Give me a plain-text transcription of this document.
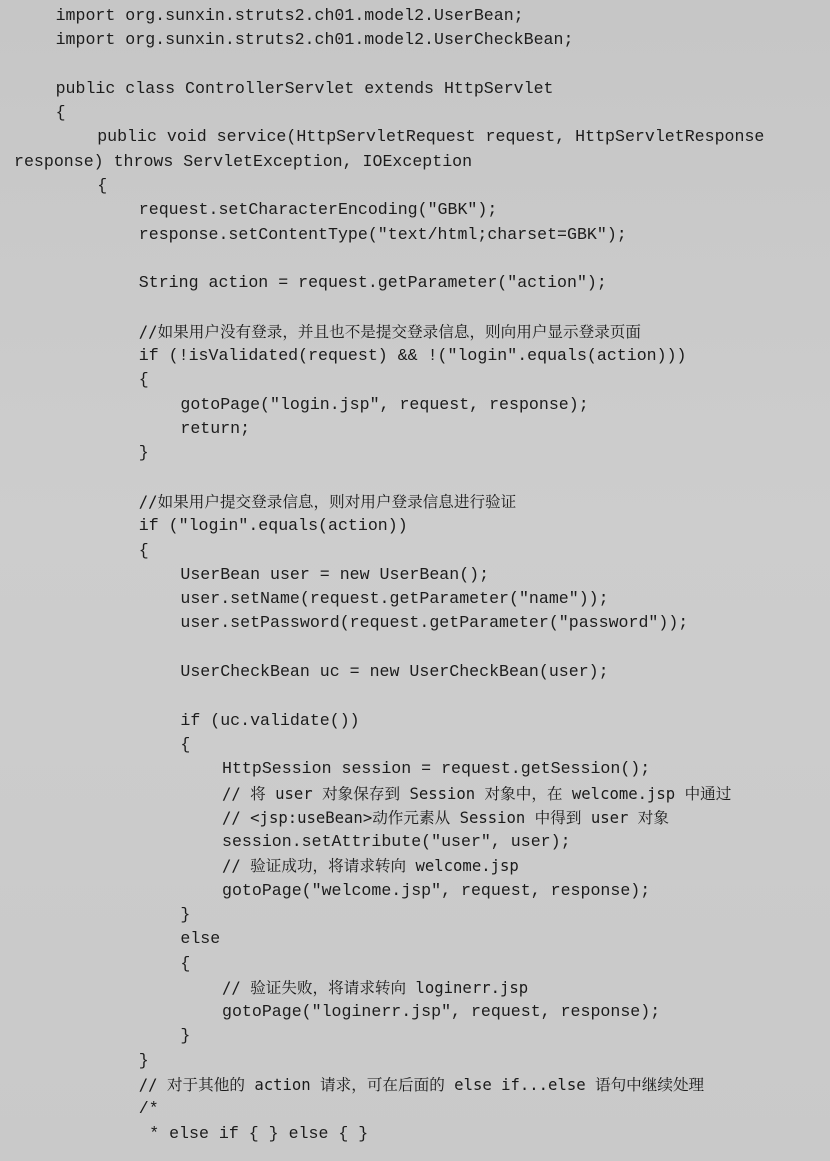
import org.sunxin.struts2.ch01.model2.UserBean;
import org.sunxin.struts2.ch01.model2.UserCheckBean;
public class ControllerServlet extends HttpServlet
{
public void service(HttpServletRequest request, HttpServletResponse
response) throws ServletException, IOException
{
request.setCharacterEncoding("GBK");
response.setContentType("text/html;charset=GBK");
String action = request.getParameter("action");
//如果用户没有登录，并且也不是提交登录信息，则向用户显示登录页面
if (!isValidated(request) && !("login".equals(action)))
{
gotoPage("login.jsp", request, response);
return;
}
//如果用户提交登录信息，则对用户登录信息进行验证
if ("login".equals(action))
{
UserBean user = new UserBean();
user.setName(request.getParameter("name"));
user.setPassword(request.getParameter("password"));
UserCheckBean uc = new UserCheckBean(user);
if (uc.validate())
{
HttpSession session = request.getSession();
// 将 user 对象保存到 Session 对象中，在 welcome.jsp 中通过
// <jsp:useBean>动作元素从 Session 中得到 user 对象
session.setAttribute("user", user);
// 验证成功，将请求转向 welcome.jsp
gotoPage("welcome.jsp", request, response);
}
else
{
// 验证失败，将请求转向 loginerr.jsp
gotoPage("loginerr.jsp", request, response);
}
}
// 对于其他的 action 请求，可在后面的 else if...else 语句中继续处理
/*
* else if { } else { }
